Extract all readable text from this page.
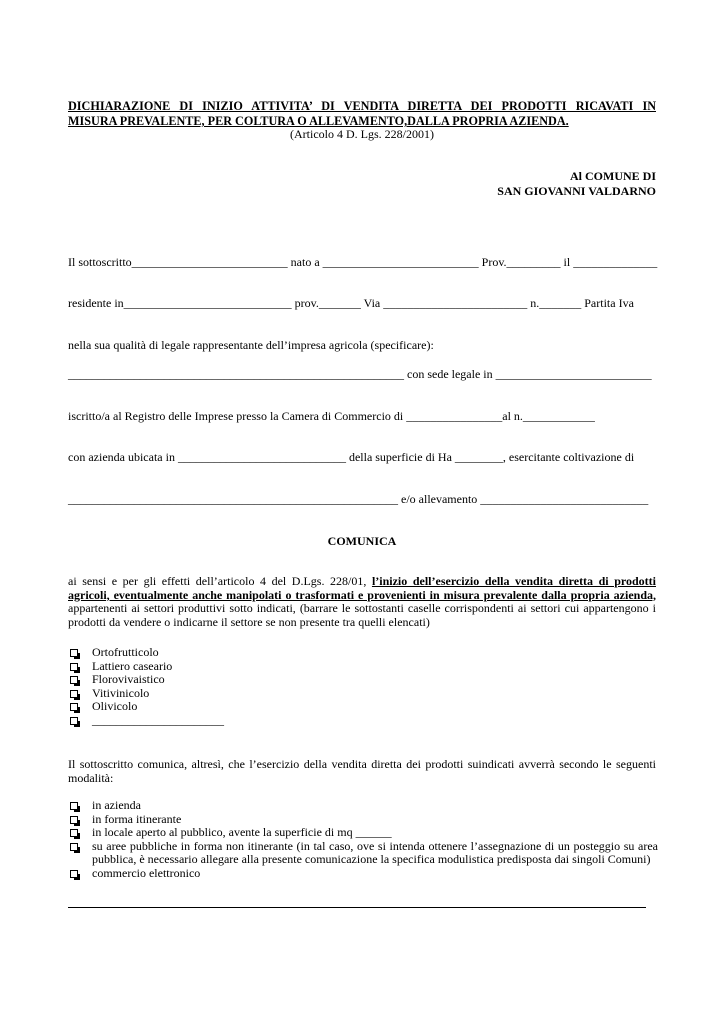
DICHIARAZIONE DI INIZIO ATTIVITA’ DI VENDITA DIRETTA DEI PRODOTTI RICAVATI IN
MISURA PREVALENTE, PER COLTURA O ALLEVAMENTO,DALLA PROPRIA AZIENDA.
(Articolo 4 D. Lgs. 228/2001)
Al COMUNE DI
SAN GIOVANNI VALDARNO
Il sottoscritto__________________________ nato a __________________________ Prov._________ il ______________
residente in____________________________ prov._______ Via ________________________ n._______ Partita Iva
nella sua qualità di legale rappresentante dell’impresa agricola (specificare):
________________________________________________________ con sede legale in __________________________
iscritto/a al Registro delle Imprese presso la Camera di Commercio di ________________al n.____________
con azienda ubicata in ____________________________ della superficie di Ha ________, esercitante coltivazione di
_______________________________________________________ e/o allevamento ____________________________
COMUNICA
ai sensi e per gli effetti dell’articolo 4 del D.Lgs. 228/01, l’inizio dell’esercizio della vendita diretta di prodotti
agricoli, eventualmente anche manipolati o trasformati e provenienti in misura prevalente dalla propria azienda,
appartenenti ai settori produttivi sotto indicati, (barrare le sottostanti caselle corrispondenti ai settori cui appartengono i
prodotti da vendere o indicarne il settore se non presente tra quelli elencati)
Ortofrutticolo
Lattiero caseario
Florovivaistico
Vitivinicolo
Olivicolo
______________________
Il sottoscritto comunica, altresì, che l’esercizio della vendita diretta dei prodotti suindicati avverrà secondo le seguenti
modalità:
in azienda
in forma itinerante
in locale aperto al pubblico, avente la superficie di mq ______
su aree pubbliche in forma non itinerante (in tal caso, ove si intenda ottenere l’assegnazione di un posteggio su area pubblica, è necessario allegare alla presente comunicazione la specifica modulistica predisposta dai singoli Comuni)
commercio elettronico
